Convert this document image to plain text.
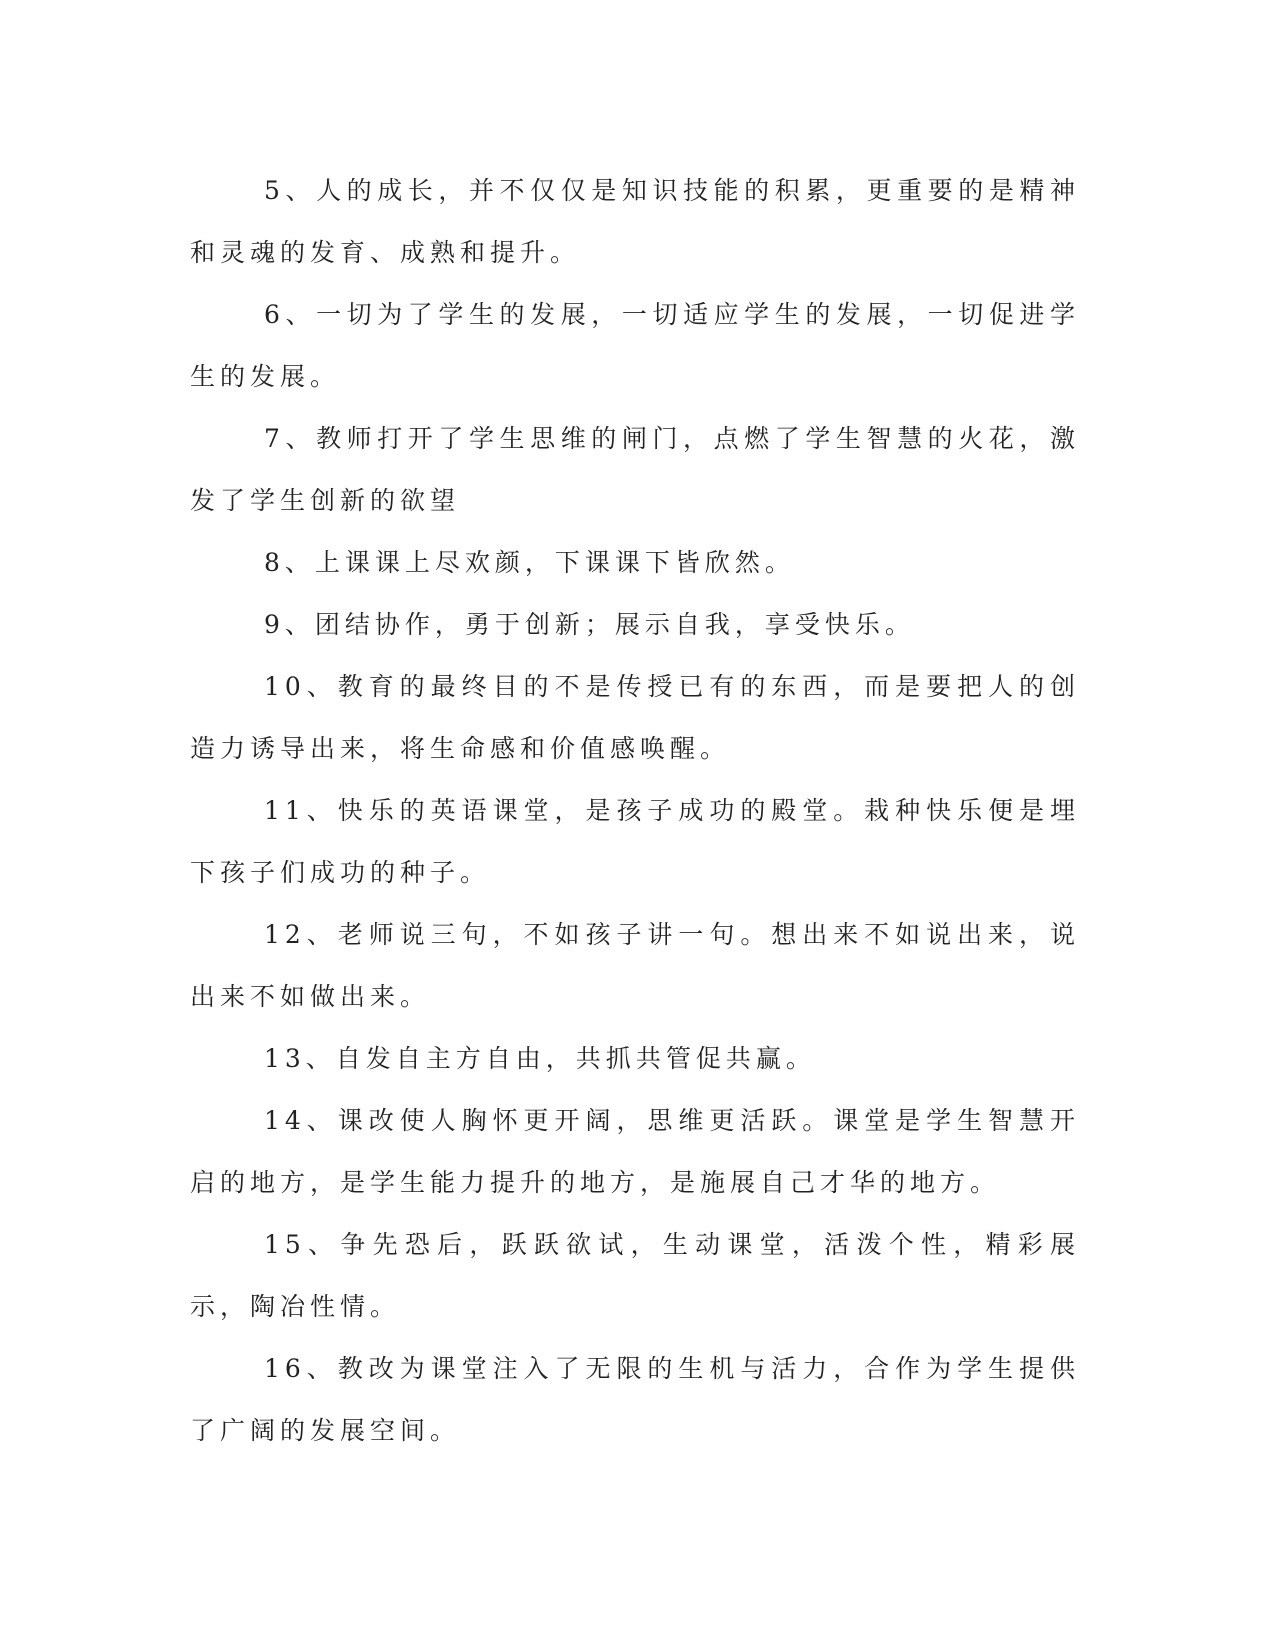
5、人的成长，并不仅仅是知识技能的积累，更重要的是精神和灵魂的发育、成熟和提升。

6、一切为了学生的发展，一切适应学生的发展，一切促进学生的发展。

7、教师打开了学生思维的闸门，点燃了学生智慧的火花，激发了学生创新的欲望

8、上课课上尽欢颜，下课课下皆欣然。

9、团结协作，勇于创新；展示自我，享受快乐。

10、教育的最终目的不是传授已有的东西，而是要把人的创造力诱导出来，将生命感和价值感唤醒。

11、快乐的英语课堂，是孩子成功的殿堂。栽种快乐便是埋下孩子们成功的种子。

12、老师说三句，不如孩子讲一句。想出来不如说出来，说出来不如做出来。

13、自发自主方自由，共抓共管促共赢。

14、课改使人胸怀更开阔，思维更活跃。课堂是学生智慧开启的地方，是学生能力提升的地方，是施展自己才华的地方。

15、争先恐后，跃跃欲试，生动课堂，活泼个性，精彩展示，陶冶性情。

16、教改为课堂注入了无限的生机与活力，合作为学生提供了广阔的发展空间。
